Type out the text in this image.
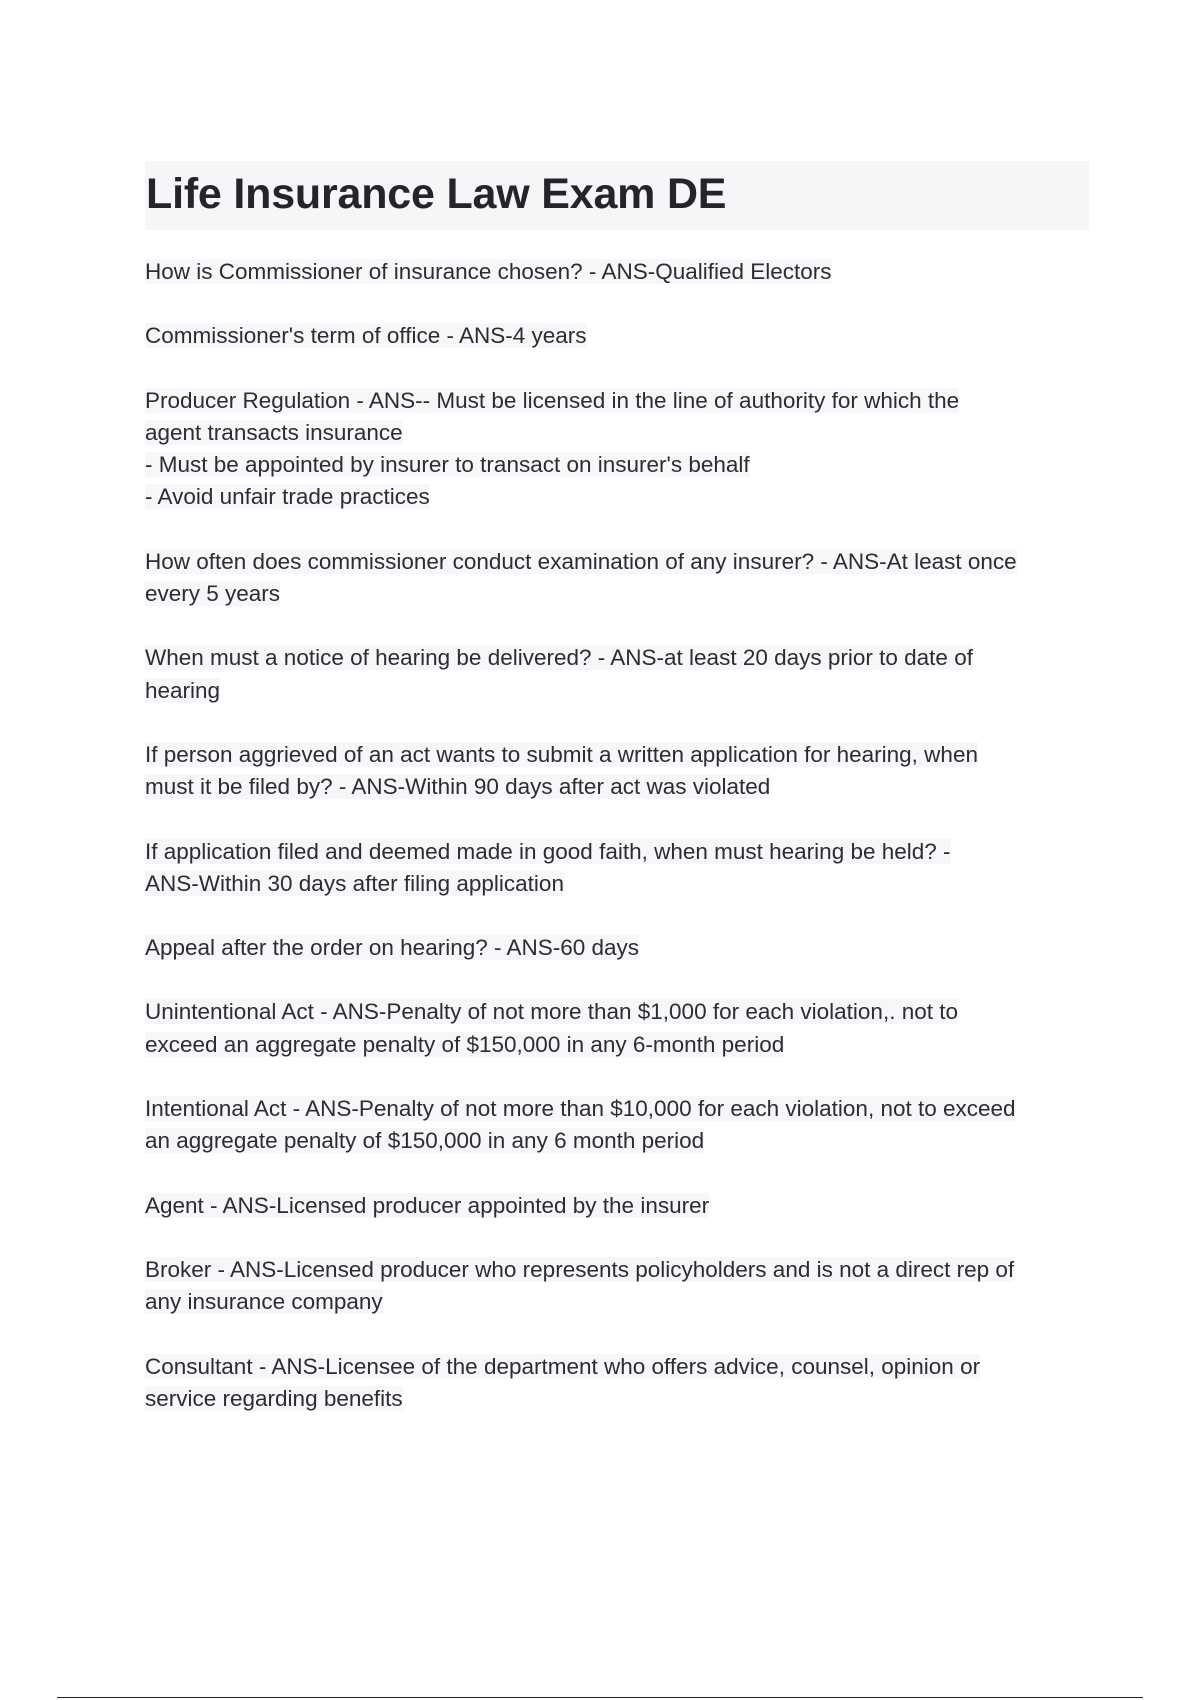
Life Insurance Law Exam DE
How is Commissioner of insurance chosen? - ANS-Qualified Electors
Commissioner's term of office - ANS-4 years
Producer Regulation - ANS-- Must be licensed in the line of authority for which the
agent transacts insurance
- Must be appointed by insurer to transact on insurer's behalf
- Avoid unfair trade practices
How often does commissioner conduct examination of any insurer? - ANS-At least once
every 5 years
When must a notice of hearing be delivered? - ANS-at least 20 days prior to date of
hearing
If person aggrieved of an act wants to submit a written application for hearing, when
must it be filed by? - ANS-Within 90 days after act was violated
If application filed and deemed made in good faith, when must hearing be held? -
ANS-Within 30 days after filing application
Appeal after the order on hearing? - ANS-60 days
Unintentional Act - ANS-Penalty of not more than $1,000 for each violation,. not to
exceed an aggregate penalty of $150,000 in any 6-month period
Intentional Act - ANS-Penalty of not more than $10,000 for each violation, not to exceed
an aggregate penalty of $150,000 in any 6 month period
Agent - ANS-Licensed producer appointed by the insurer
Broker - ANS-Licensed producer who represents policyholders and is not a direct rep of
any insurance company
Consultant - ANS-Licensee of the department who offers advice, counsel, opinion or
service regarding benefits
